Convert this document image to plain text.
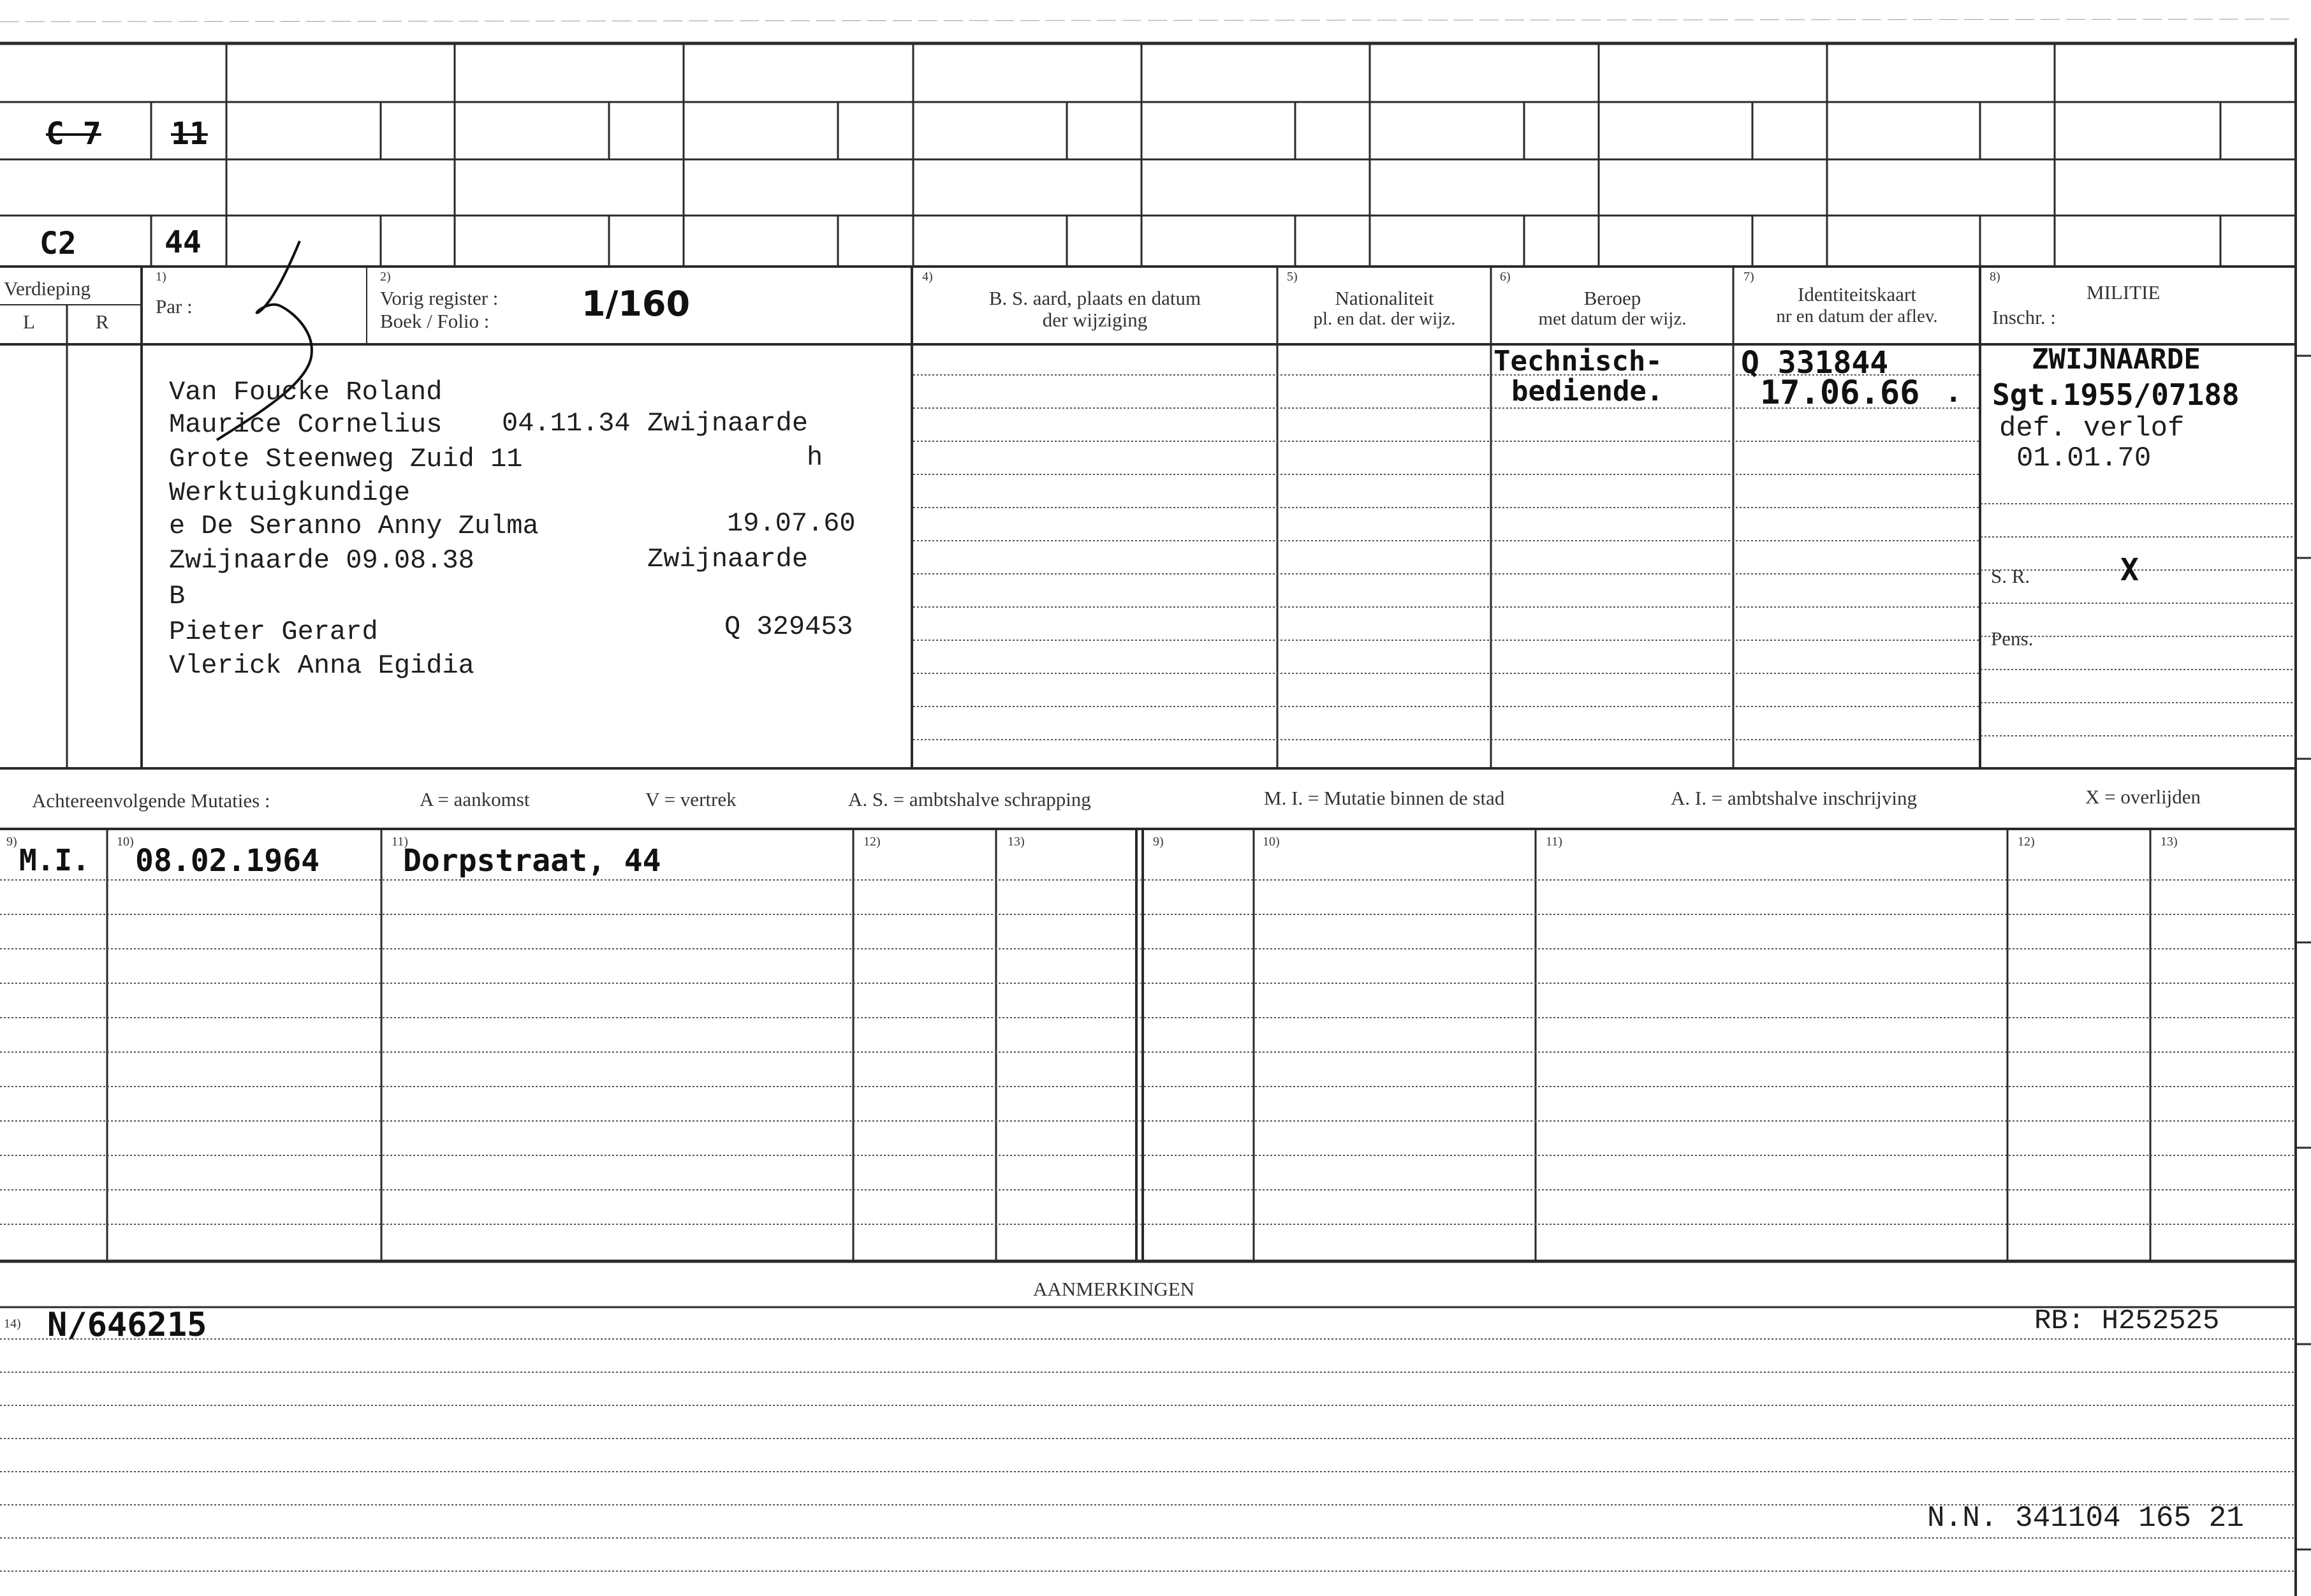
C 7 11
C2	44
Verdieping
L	R
1)
Par :
2)
Vorig register :
Boek / Folio :	1/160
4)
B. S. aard, plaats en datum
der wijziging
5)
Nationaliteit
pl. en dat. der wijz.
6)
Beroep
met datum der wijz.
7)
Identiteitskaart
nr en datum der aflev.
8)
MILITIE
Inschr. :
Van Foucke Roland
Maurice Cornelius 04.11.34 Zwijnaarde
Grote Steenweg Zuid 11	h
Werktuigkundige
e De Seranno Anny Zulma	19.07.60
Zwijnaarde 09.08.38	Zwijnaarde
B
Pieter Gerard	Q 329453
Vlerick Anna Egidia
Technisch-
bediende.
Q 331844
17.06.66 .
ZWIJNAARDE
Sgt.1955/07188
def. verlof
01.01.70
S. R.	X
Pens.
Achtereenvolgende Mutaties :	A = aankomst	V = vertrek	A. S. = ambtshalve schrapping	M. I. = Mutatie binnen de stad	A. I. = ambtshalve inschrijving	X = overlijden
9)	10)	11)	12)	13)	9)	10)	11)	12)	13)
M.I. 08.02.1964	Dorpstraat, 44
AANMERKINGEN
14) N/646215	RB: H252525
N.N. 341104 165 21
